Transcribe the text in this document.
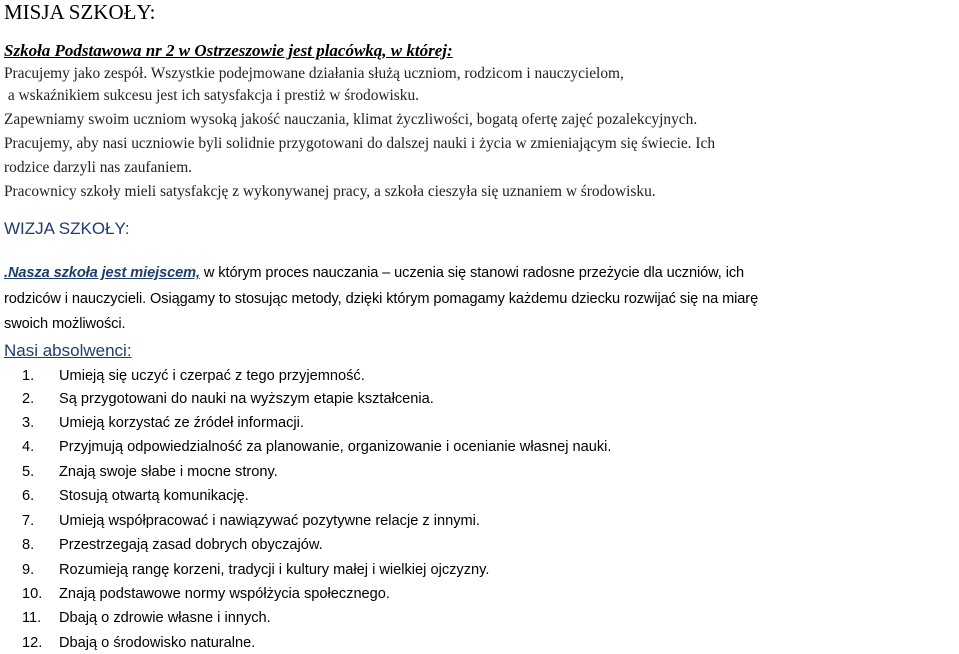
MISJA SZKOŁY:
Szkoła Podstawowa nr 2 w Ostrzeszowie jest placówką, w której:
Pracujemy jako zespół. Wszystkie podejmowane działania służą uczniom, rodzicom i nauczycielom,
a wskaźnikiem sukcesu jest ich satysfakcja i prestiż w środowisku.
Zapewniamy swoim uczniom wysoką jakość nauczania, klimat życzliwości, bogatą ofertę zajęć pozalekcyjnych.
Pracujemy, aby nasi uczniowie byli solidnie przygotowani do dalszej nauki i życia w zmieniającym się świecie. Ich
rodzice darzyli nas zaufaniem.
Pracownicy szkoły mieli satysfakcję z wykonywanej pracy, a szkoła cieszyła się uznaniem w środowisku.
WIZJA SZKOŁY:
.Nasza szkoła jest miejscem, w którym proces nauczania – uczenia się stanowi radosne przeżycie dla uczniów, ich
rodziców i nauczycieli. Osiągamy to stosując metody, dzięki którym pomagamy każdemu dziecku rozwijać się na miarę
swoich możliwości.
Nasi absolwenci:
1. Umieją się uczyć i czerpać z tego przyjemność.
2. Są przygotowani do nauki na wyższym etapie kształcenia.
3. Umieją korzystać ze źródeł informacji.
4. Przyjmują odpowiedzialność za planowanie, organizowanie i ocenianie własnej nauki.
5. Znają swoje słabe i mocne strony.
6. Stosują otwartą komunikację.
7. Umieją współpracować i nawiązywać pozytywne relacje z innymi.
8. Przestrzegają zasad dobrych obyczajów.
9. Rozumieją rangę korzeni, tradycji i kultury małej i wielkiej ojczyzny.
10. Znają podstawowe normy współżycia społecznego.
11. Dbają o zdrowie własne i innych.
12. Dbają o środowisko naturalne.
